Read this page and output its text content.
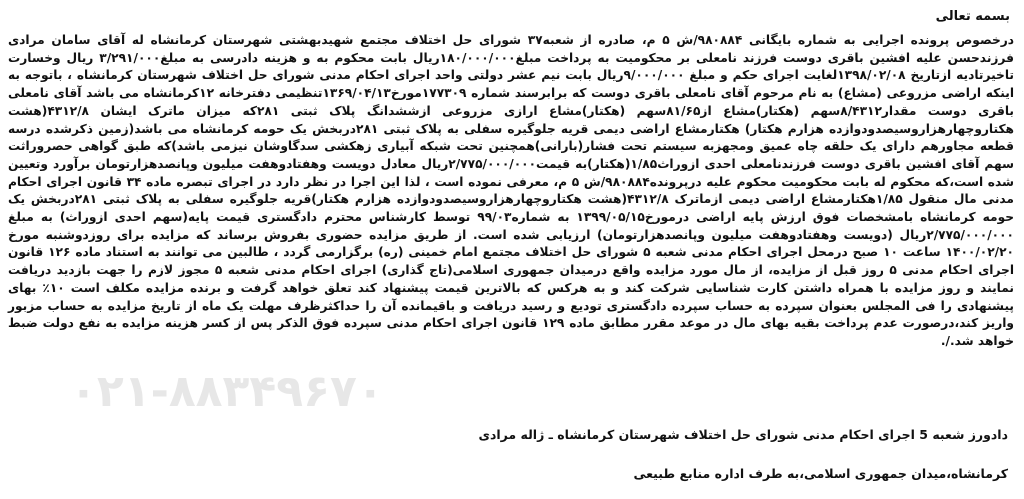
بسمه تعالی
درخصوص پرونده اجرایی به شماره بایگانی ۹۸۰۸۸۴/ش ۵ م، صادره از شعبه۳۷ شورای حل اختلاف مجتمع شهیدبهشتی شهرستان کرمانشاه له آقای سامان مرادی فرزندحسن علیه افشین باقری دوست فرزند نامعلی بر محکومیت به پرداخت مبلغ۱۸۰/۰۰۰/۰۰۰ریال بابت محکوم به و هزینه دادرسی به مبلغ۳/۲۹۱/۰۰۰ ریال وخسارت تاخیرتادیه ازتاریخ ۱۳۹۸/۰۲/۰۸لغایت اجرای حکم و مبلغ ۹/۰۰۰/۰۰۰ریال بابت نیم عشر دولتی واحد اجرای احکام مدنی شورای حل اختلاف شهرستان کرمانشاه ، باتوجه به اینکه اراضی مزروعی (مشاع) به نام مرحوم آقای نامعلی باقری دوست که برابرسند شماره ۱۷۷۳۰۹مورخ۱۳۶۹/۰۴/۱۳تنظیمی دفترخانه ۱۲کرمانشاه می باشد آقای نامعلی باقری دوست مقدار۸/۴۳۱۲سهم (هکتار)مشاع از۸۱/۶۵سهم (هکتار)مشاع ارازی مزروعی ازششدانگ پلاک ثبتی ۲۸۱که میزان ماترک ایشان ۴۳۱۲/۸(هشت هکتاروچهارهزاروسیصدودوازده هزارم هکتار) هکتارمشاع اراضی دیمی قریه جلوگیره سفلی به پلاک ثبتی ۲۸۱دربخش یک حومه کرمانشاه می باشد(زمین ذکرشده درسه قطعه مجاورهم دارای یک حلقه چاه عمیق ومجهزبه سیستم تحت فشار(بارانی)همچنین تحت شبکه آبیاری زهکشی سدگاوشان نیزمی باشد)که طبق گواهی حصروراثت سهم آقای افشین باقری دوست فرزندنامعلی احدی ازوراث۱/۸۵(هکتار)به قیمت۲/۷۷۵/۰۰۰/۰۰۰ریال معادل دویست وهفتادوهفت میلیون وپانصدهزارتومان برآورد وتعیین شده است،که محکوم له بابت محکومیت محکوم علیه درپرونده۹۸۰۸۸۴/ش ۵ م، معرفی نموده است ، لذا این اجرا در نظر دارد در اجرای تبصره ماده ۳۴ قانون اجرای احکام مدنی مال منقول ۱/۸۵هکتارمشاع اراضی دیمی ازماترک ۴۳۱۲/۸(هشت هکتاروچهارهزاروسیصدودوازده هزارم هکتار)قریه جلوگیره سفلی به پلاک ثبتی ۲۸۱دربخش یک حومه کرمانشاه بامشخصات فوق ارزش پایه اراضی درمورخ۱۳۹۹/۰۵/۱۵ به شماره۹۹/۰۳ توسط کارشناس محترم دادگستری قیمت پایه(سهم احدی ازوراث) به مبلغ ۲/۷۷۵/۰۰۰/۰۰۰ریال (دویست وهفتادوهفت میلیون وپانصدهزارتومان) ارزیابی شده است. از طریق مزایده حضوری بفروش برساند که مزایده برای روزدوشنبه مورخ ۱۴۰۰/۰۲/۲۰ ساعت ۱۰ صبح درمحل اجرای احکام مدنی شعبه ۵ شورای حل اختلاف مجتمع امام خمینی (ره) برگزارمی گردد ، طالبین می توانند به استناد ماده ۱۲۶ قانون اجرای احکام مدنی ۵ روز قبل از مزایده، از مال مورد مزایده واقع درمیدان جمهوری اسلامی(تاج گذاری) اجرای احکام مدنی شعبه ۵ مجوز لازم را جهت بازدید دریافت نمایند و روز مزایده با همراه داشتن کارت شناسایی شرکت کند و به هرکس که بالاترین قیمت پیشنهاد کند تعلق خواهد گرفت و برنده مزایده مکلف است ۱۰٪ بهای پیشنهادی را فی المجلس بعنوان سپرده به حساب سپرده دادگستری تودیع و رسید دریافت و باقیمانده آن را حداکثرظرف مهلت یک ماه از تاریخ مزایده به حساب مزبور واریز کند،درصورت عدم پرداخت بقیه بهای مال در موعد مقرر مطابق ماده ۱۲۹ قانون اجرای احکام مدنی سپرده فوق الذکر پس از کسر هزینه مزایده به نفع دولت ضبط خواهد شد./.
۰۲۱-۸۸۳۴۹۶۷۰
دادورز شعبه 5 اجرای احکام مدنی شورای حل اختلاف شهرستان کرمانشاه ـ ژاله مرادی
کرمانشاه،میدان جمهوری اسلامی،به طرف اداره منابع طبیعی
